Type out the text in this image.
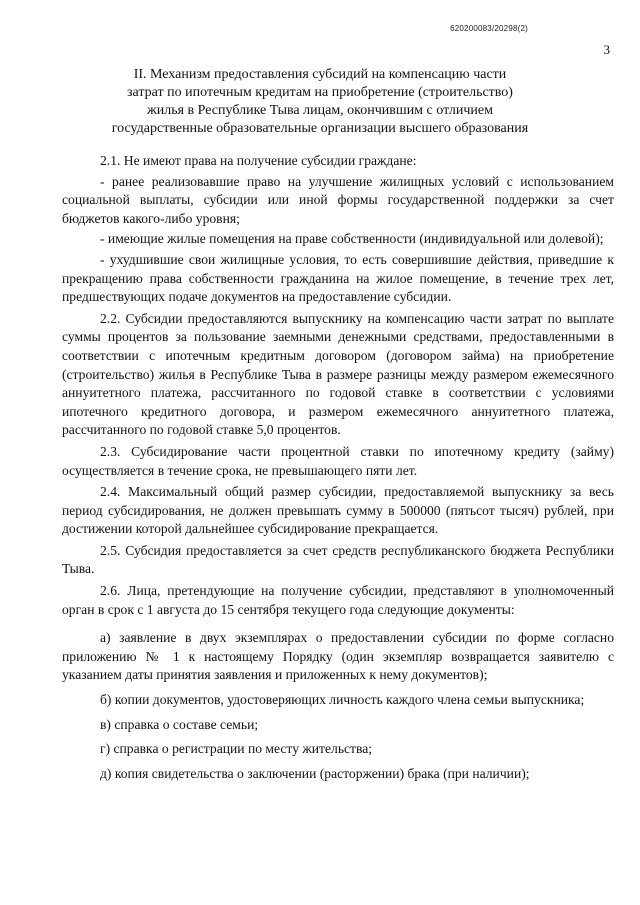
620200083/20298(2)
3
II. Механизм предоставления субсидий на компенсацию части
затрат по ипотечным кредитам на приобретение (строительство)
жилья в Республике Тыва лицам, окончившим с отличием
государственные образовательные организации высшего образования

2.1. Не имеют права на получение субсидии граждане:

- ранее реализовавшие право на улучшение жилищных условий с использованием социальной выплаты, субсидии или иной формы государственной поддержки за счет бюджетов какого-либо уровня;

- имеющие жилые помещения на праве собственности (индивидуальной или долевой);

- ухудшившие свои жилищные условия, то есть совершившие действия, приведшие к прекращению права собственности гражданина на жилое помещение, в течение трех лет, предшествующих подаче документов на предоставление субсидии.

2.2. Субсидии предоставляются выпускнику на компенсацию части затрат по выплате суммы процентов за пользование заемными денежными средствами, предоставленными в соответствии с ипотечным кредитным договором (договором займа) на приобретение (строительство) жилья в Республике Тыва в размере разницы между размером ежемесячного аннуитетного платежа, рассчитанного по годовой ставке в соответствии с условиями ипотечного кредитного договора, и размером ежемесячного аннуитетного платежа, рассчитанного по годовой ставке 5,0 процентов.

2.3. Субсидирование части процентной ставки по ипотечному кредиту (займу) осуществляется в течение срока, не превышающего пяти лет.

2.4. Максимальный общий размер субсидии, предоставляемой выпускнику за весь период субсидирования, не должен превышать сумму в 500000 (пятьсот тысяч) рублей, при достижении которой дальнейшее субсидирование прекращается.

2.5. Субсидия предоставляется за счет средств республиканского бюджета Республики Тыва.

2.6. Лица, претендующие на получение субсидии, представляют в уполномоченный орган в срок с 1 августа до 15 сентября текущего года следующие документы:

а) заявление в двух экземплярах о предоставлении субсидии по форме согласно приложению № 1 к настоящему Порядку (один экземпляр возвращается заявителю с указанием даты принятия заявления и приложенных к нему документов);

б) копии документов, удостоверяющих личность каждого члена семьи выпускника;

в) справка о составе семьи;

г) справка о регистрации по месту жительства;

д) копия свидетельства о заключении (расторжении) брака (при наличии);
